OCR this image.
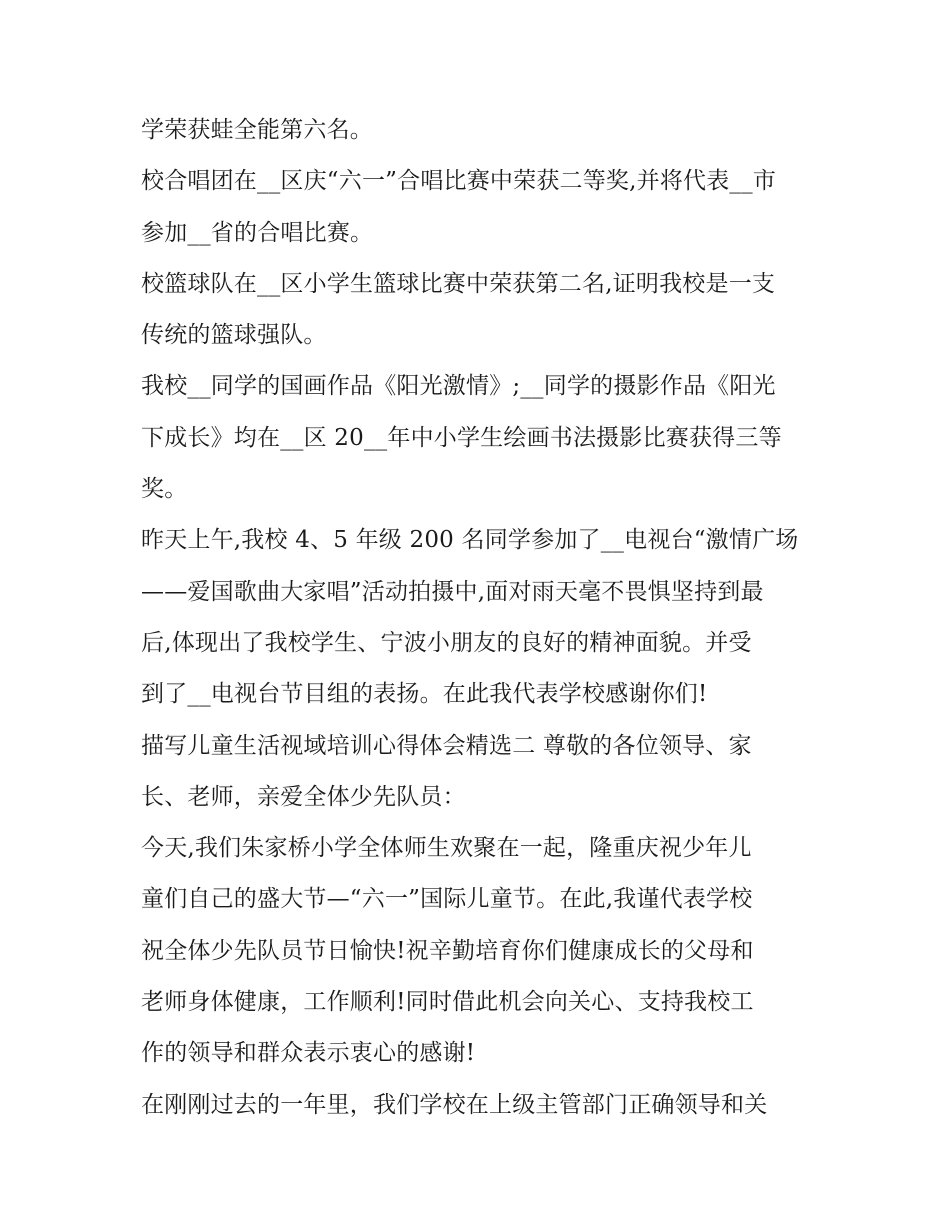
学荣获蛙全能第六名。
校合唱团在__区庆“六一”合唱比赛中荣获二等奖,并将代表__市
参加__省的合唱比赛。
校篮球队在__区小学生篮球比赛中荣获第二名,证明我校是一支
传统的篮球强队。
我校__同学的国画作品《阳光激情》;__同学的摄影作品《阳光
下成长》均在__区 20__年中小学生绘画书法摄影比赛获得三等
奖。
昨天上午,我校 4、5 年级 200 名同学参加了__电视台“激情广场
——爱国歌曲大家唱”活动拍摄中,面对雨天毫不畏惧坚持到最
后,体现出了我校学生、宁波小朋友的良好的精神面貌。并受
到了__电视台节目组的表扬。在此我代表学校感谢你们!
描写儿童生活视域培训心得体会精选二 尊敬的各位领导、家
长、老师，亲爱全体少先队员：
今天,我们朱家桥小学全体师生欢聚在一起，隆重庆祝少年儿
童们自己的盛大节—“六一”国际儿童节。在此,我谨代表学校
祝全体少先队员节日愉快!祝辛勤培育你们健康成长的父母和
老师身体健康，工作顺利!同时借此机会向关心、支持我校工
作的领导和群众表示衷心的感谢!
在刚刚过去的一年里，我们学校在上级主管部门正确领导和关
